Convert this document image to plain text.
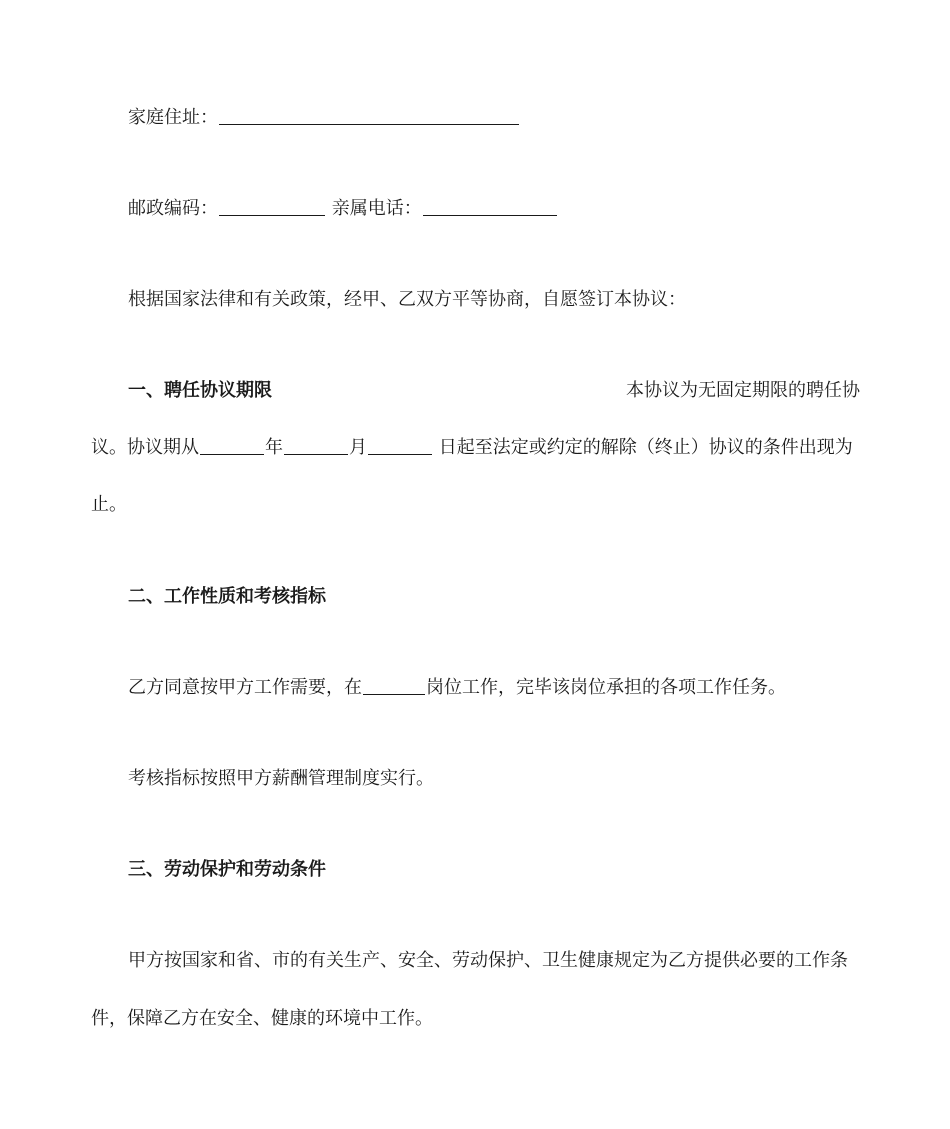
家庭住址：
邮政编码：	亲属电话：
根据国家法律和有关政策，经甲、乙双方平等协商，自愿签订本协议：
一、聘任协议期限	本协议为无固定期限的聘任协
议。协议期从	年	月	日起至法定或约定的解除（终止）协议的条件出现为
止。
二、工作性质和考核指标
乙方同意按甲方工作需要，在	岗位工作，完毕该岗位承担的各项工作任务。
考核指标按照甲方薪酬管理制度实行。
三、劳动保护和劳动条件
甲方按国家和省、市的有关生产、安全、劳动保护、卫生健康规定为乙方提供必要的工作条
件，保障乙方在安全、健康的环境中工作。
